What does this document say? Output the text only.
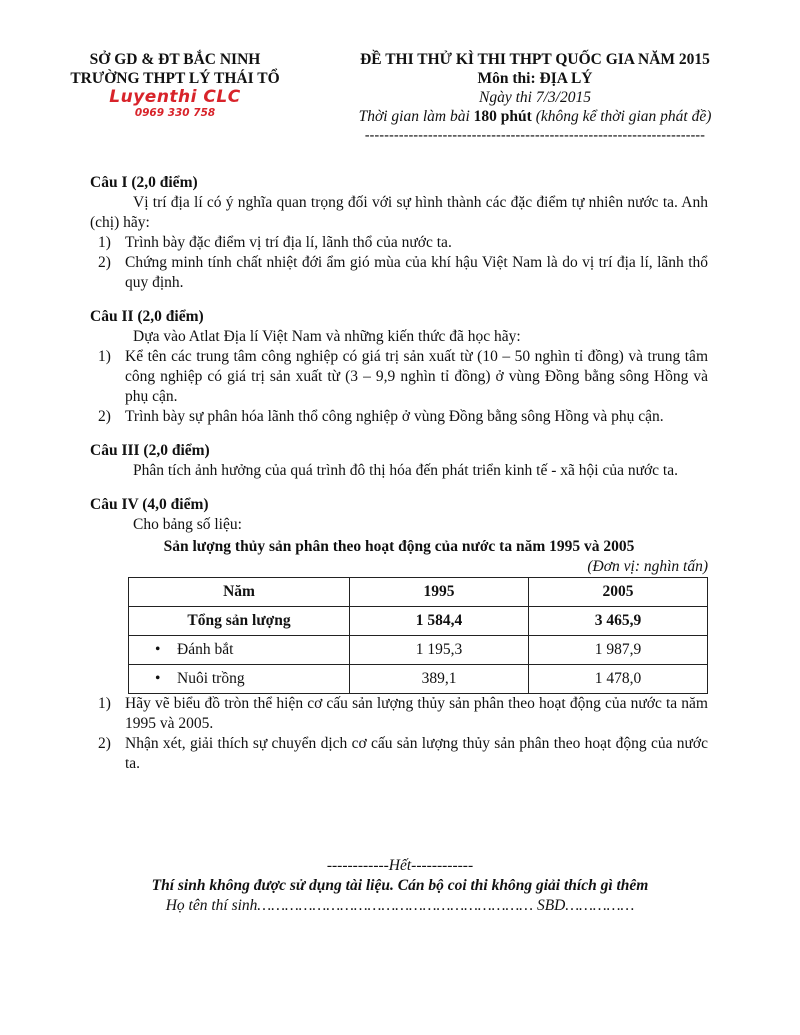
SỞ GD & ĐT BẮC NINH
TRƯỜNG THPT LÝ THÁI TỔ
Luyenthi CLC
0969 330 758
ĐỀ THI THỬ KÌ THI THPT QUỐC GIA NĂM 2015
Môn thi: ĐỊA LÝ
Ngày thi 7/3/2015
Thời gian làm bài 180 phút (không kể thời gian phát đề)
----------------------------------------------------------------------
Câu I (2,0 điểm)
Vị trí địa lí có ý nghĩa quan trọng đối với sự hình thành các đặc điểm tự nhiên nước ta. Anh (chị) hãy:
1) Trình bày đặc điểm vị trí địa lí, lãnh thổ của nước ta.
2) Chứng minh tính chất nhiệt đới ẩm gió mùa của khí hậu Việt Nam là do vị trí địa lí, lãnh thổ quy định.
Câu II (2,0 điểm)
Dựa vào Atlat Địa lí Việt Nam và những kiến thức đã học hãy:
1) Kể tên các trung tâm công nghiệp có giá trị sản xuất từ (10 – 50 nghìn tỉ đồng) và trung tâm công nghiệp có giá trị sản xuất từ (3 – 9,9 nghìn tỉ đồng) ở vùng Đồng bằng sông Hồng và phụ cận.
2) Trình bày sự phân hóa lãnh thổ công nghiệp ở vùng Đồng bằng sông Hồng và phụ cận.
Câu III (2,0 điểm)
Phân tích ảnh hưởng của quá trình đô thị hóa đến phát triển kinh tế - xã hội của nước ta.
Câu IV (4,0 điểm)
Cho bảng số liệu:
Sản lượng thủy sản phân theo hoạt động của nước ta năm 1995 và 2005
(Đơn vị: nghìn tấn)
Năm	1995	2005
Tổng sản lượng	1 584,4	3 465,9
• Đánh bắt	1 195,3	1 987,9
• Nuôi trồng	389,1	1 478,0
1) Hãy vẽ biểu đồ tròn thể hiện cơ cấu sản lượng thủy sản phân theo hoạt động của nước ta năm 1995 và 2005.
2) Nhận xét, giải thích sự chuyển dịch cơ cấu sản lượng thủy sản phân theo hoạt động của nước ta.
------------Hết------------
Thí sinh không được sử dụng tài liệu. Cán bộ coi thi không giải thích gì thêm
Họ tên thí sinh…………………………………………………… SBD……………
